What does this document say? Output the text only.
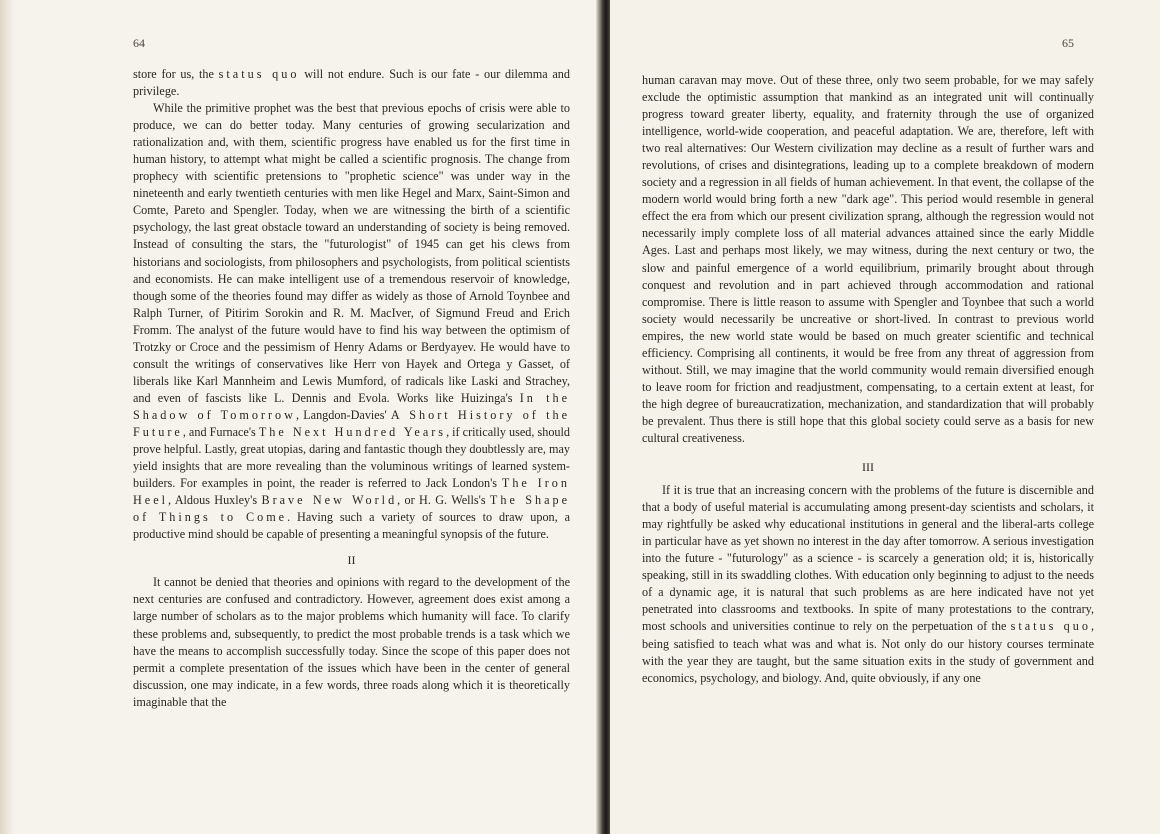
64

store for us, the status quo will not endure. Such is our fate - our dilemma and privilege.

While the primitive prophet was the best that previous epochs of crisis were able to produce, we can do better today. Many centuries of growing secularization and rationalization and, with them, scientific progress have enabled us for the first time in human history, to attempt what might be called a scientific prognosis. The change from prophecy with scientific pretensions to "prophetic science" was under way in the nineteenth and early twentieth centuries with men like Hegel and Marx, Saint-Simon and Comte, Pareto and Spengler. Today, when we are witnessing the birth of a scientific psychology, the last great obstacle toward an understanding of society is being removed. Instead of consulting the stars, the "futurologist" of 1945 can get his clews from historians and sociologists, from philosophers and psychologists, from political scientists and economists. He can make intelligent use of a tremendous reservoir of knowledge, though some of the theories found may differ as widely as those of Arnold Toynbee and Ralph Turner, of Pitirim Sorokin and R. M. MacIver, of Sigmund Freud and Erich Fromm. The analyst of the future would have to find his way between the optimism of Trotzky or Croce and the pessimism of Henry Adams or Berdyayev. He would have to consult the writings of conservatives like Herr von Hayek and Ortega y Gasset, of liberals like Karl Mannheim and Lewis Mumford, of radicals like Laski and Strachey, and even of fascists like L. Dennis and Evola. Works like Huizinga's In the Shadow of Tomorrow, Langdon-Davies' A Short History of the Future, and Furnace's The Next Hundred Years, if critically used, should prove helpful. Lastly, great utopias, daring and fantastic though they doubtlessly are, may yield insights that are more revealing than the voluminous writings of learned system-builders. For examples in point, the reader is referred to Jack London's The Iron Heel, Aldous Huxley's Brave New World, or H. G. Wells's The Shape of Things to Come. Having such a variety of sources to draw upon, a productive mind should be capable of presenting a meaningful synopsis of the future.

II

It cannot be denied that theories and opinions with regard to the development of the next centuries are confused and contradictory. However, agreement does exist among a large number of scholars as to the major problems which humanity will face. To clarify these problems and, subsequently, to predict the most probable trends is a task which we have the means to accomplish successfully today. Since the scope of this paper does not permit a complete presentation of the issues which have been in the center of general discussion, one may indicate, in a few words, three roads along which it is theoretically imaginable that the

65

human caravan may move. Out of these three, only two seem probable, for we may safely exclude the optimistic assumption that mankind as an integrated unit will continually progress toward greater liberty, equality, and fraternity through the use of organized intelligence, world-wide cooperation, and peaceful adaptation. We are, therefore, left with two real alternatives: Our Western civilization may decline as a result of further wars and revolutions, of crises and disintegrations, leading up to a complete breakdown of modern society and a regression in all fields of human achievement. In that event, the collapse of the modern world would bring forth a new "dark age". This period would resemble in general effect the era from which our present civilization sprang, although the regression would not necessarily imply complete loss of all material advances attained since the early Middle Ages. Last and perhaps most likely, we may witness, during the next century or two, the slow and painful emergence of a world equilibrium, primarily brought about through conquest and revolution and in part achieved through accommodation and rational compromise. There is little reason to assume with Spengler and Toynbee that such a world society would necessarily be uncreative or short-lived. In contrast to previous world empires, the new world state would be based on much greater scientific and technical efficiency. Comprising all continents, it would be free from any threat of aggression from without. Still, we may imagine that the world community would remain diversified enough to leave room for friction and readjustment, compensating, to a certain extent at least, for the high degree of bureaucratization, mechanization, and standardization that will probably be prevalent. Thus there is still hope that this global society could serve as a basis for new cultural creativeness.

III

If it is true that an increasing concern with the problems of the future is discernible and that a body of useful material is accumulating among present-day scientists and scholars, it may rightfully be asked why educational institutions in general and the liberal-arts college in particular have as yet shown no interest in the day after tomorrow. A serious investigation into the future - "futurology" as a science - is scarcely a generation old; it is, historically speaking, still in its swaddling clothes. With education only beginning to adjust to the needs of a dynamic age, it is natural that such problems as are here indicated have not yet penetrated into classrooms and textbooks. In spite of many protestations to the contrary, most schools and universities continue to rely on the perpetuation of the status quo, being satisfied to teach what was and what is. Not only do our history courses terminate with the year they are taught, but the same situation exits in the study of government and economics, psychology, and biology. And, quite obviously, if any one
